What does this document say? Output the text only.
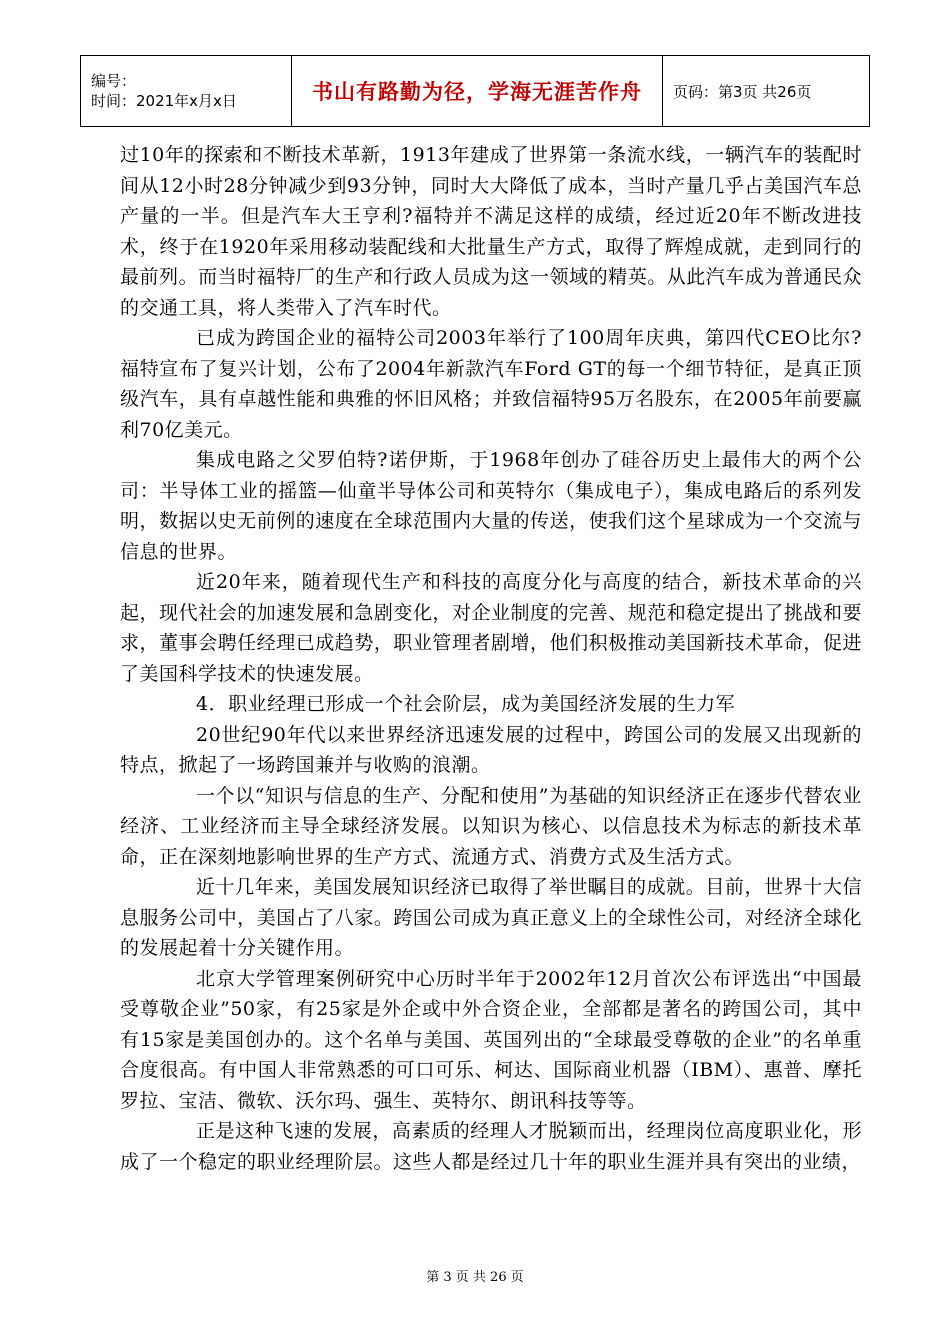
编号：
时间：2021年x月x日	书山有路勤为径，学海无涯苦作舟	页码：第3页 共26页

过10年的探索和不断技术革新，1913年建成了世界第一条流水线，一辆汽车的装配时间从12小时28分钟减少到93分钟，同时大大降低了成本，当时产量几乎占美国汽车总产量的一半。但是汽车大王亨利?福特并不满足这样的成绩，经过近20年不断改进技术，终于在1920年采用移动装配线和大批量生产方式，取得了辉煌成就，走到同行的最前列。而当时福特厂的生产和行政人员成为这一领域的精英。从此汽车成为普通民众的交通工具，将人类带入了汽车时代。

已成为跨国企业的福特公司2003年举行了100周年庆典，第四代CEO比尔?福特宣布了复兴计划，公布了2004年新款汽车Ford GT的每一个细节特征，是真正顶级汽车，具有卓越性能和典雅的怀旧风格；并致信福特95万名股东，在2005年前要赢利70亿美元。

集成电路之父罗伯特?诺伊斯，于1968年创办了硅谷历史上最伟大的两个公司：半导体工业的摇篮—仙童半导体公司和英特尔（集成电子），集成电路后的系列发明，数据以史无前例的速度在全球范围内大量的传送，使我们这个星球成为一个交流与信息的世界。

近20年来，随着现代生产和科技的高度分化与高度的结合，新技术革命的兴起，现代社会的加速发展和急剧变化，对企业制度的完善、规范和稳定提出了挑战和要求，董事会聘任经理已成趋势，职业管理者剧增，他们积极推动美国新技术革命，促进了美国科学技术的快速发展。

4．职业经理已形成一个社会阶层，成为美国经济发展的生力军

20世纪90年代以来世界经济迅速发展的过程中，跨国公司的发展又出现新的特点，掀起了一场跨国兼并与收购的浪潮。

一个以“知识与信息的生产、分配和使用”为基础的知识经济正在逐步代替农业经济、工业经济而主导全球经济发展。以知识为核心、以信息技术为标志的新技术革命，正在深刻地影响世界的生产方式、流通方式、消费方式及生活方式。

近十几年来，美国发展知识经济已取得了举世瞩目的成就。目前，世界十大信息服务公司中，美国占了八家。跨国公司成为真正意义上的全球性公司，对经济全球化的发展起着十分关键作用。

北京大学管理案例研究中心历时半年于2002年12月首次公布评选出“中国最受尊敬企业”50家，有25家是外企或中外合资企业，全部都是著名的跨国公司，其中有15家是美国创办的。这个名单与美国、英国列出的“全球最受尊敬的企业”的名单重合度很高。有中国人非常熟悉的可口可乐、柯达、国际商业机器（IBM）、惠普、摩托罗拉、宝洁、微软、沃尔玛、强生、英特尔、朗讯科技等等。

正是这种飞速的发展，高素质的经理人才脱颖而出，经理岗位高度职业化，形成了一个稳定的职业经理阶层。这些人都是经过几十年的职业生涯并具有突出的业绩，

第 3 页 共 26 页
